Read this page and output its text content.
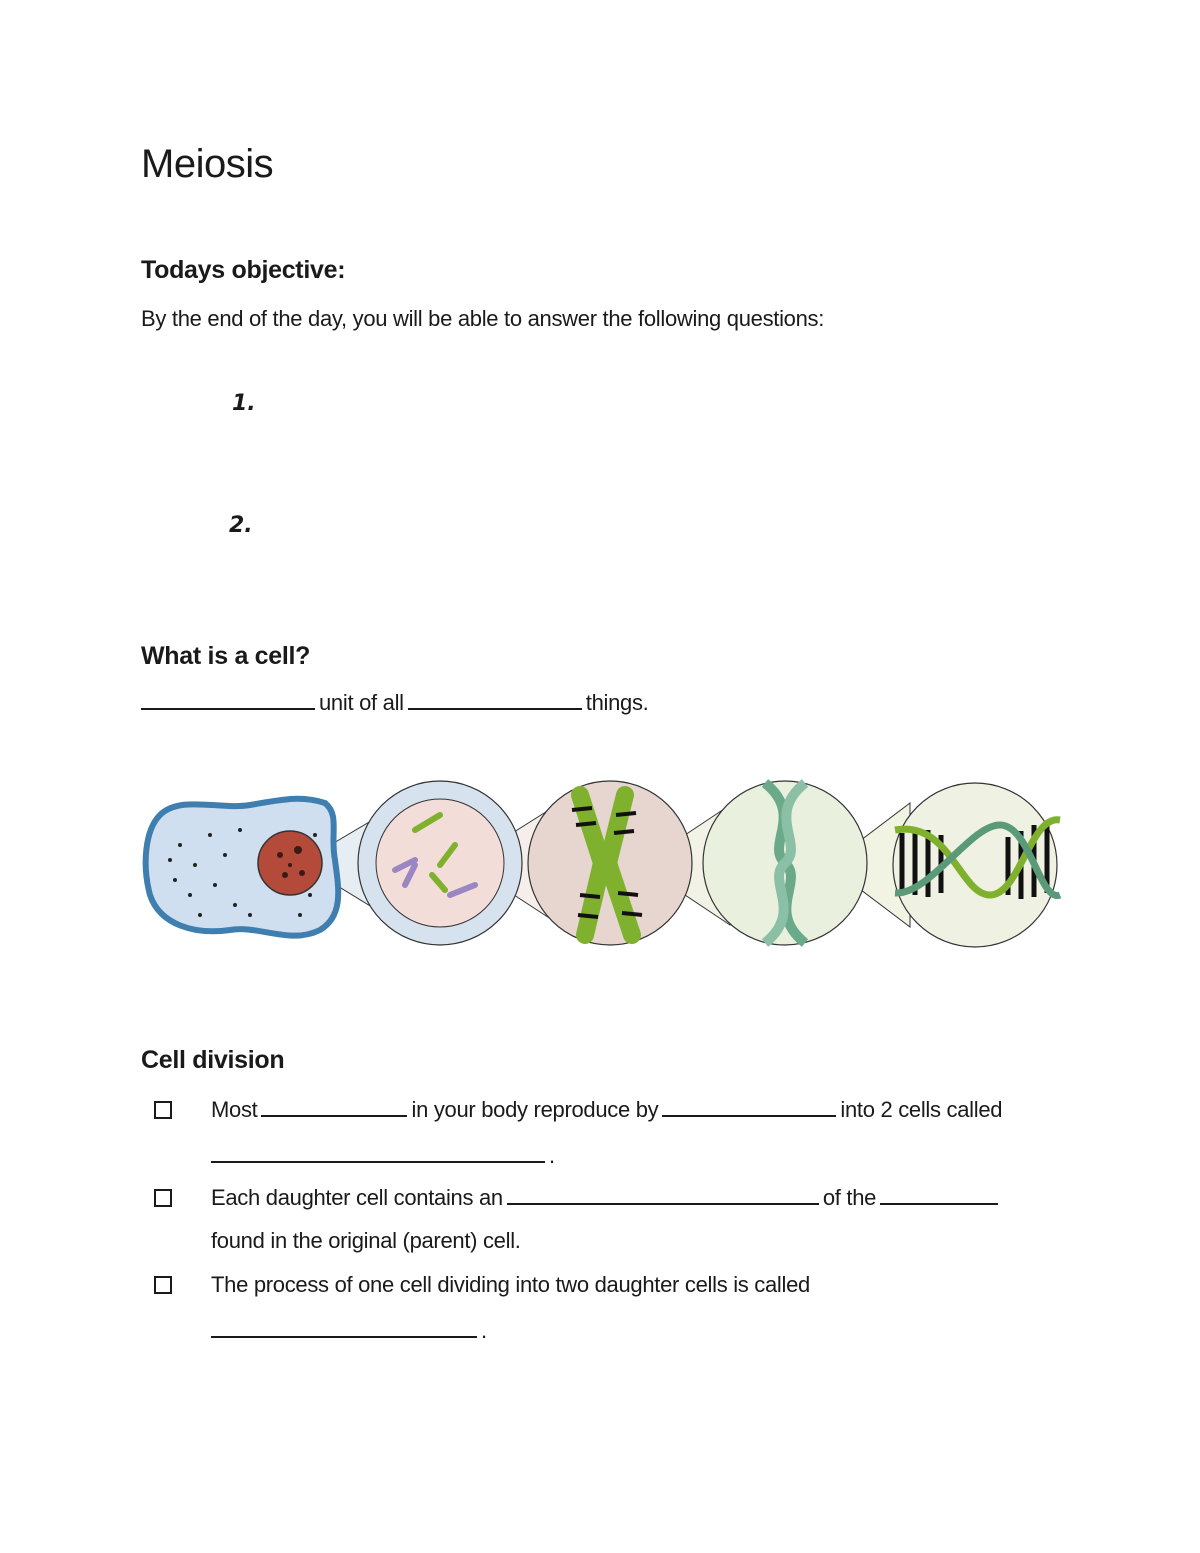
Meiosis
Todays objective:
By the end of the day, you will be able to answer the following questions:
1.
2.
What is a cell?
unit of all	things.
Cell division
Most	in your body reproduce by	into 2 cells called
.
Each daughter cell contains an	of the
found in the original (parent) cell.
The process of one cell dividing into two daughter cells is called
.
